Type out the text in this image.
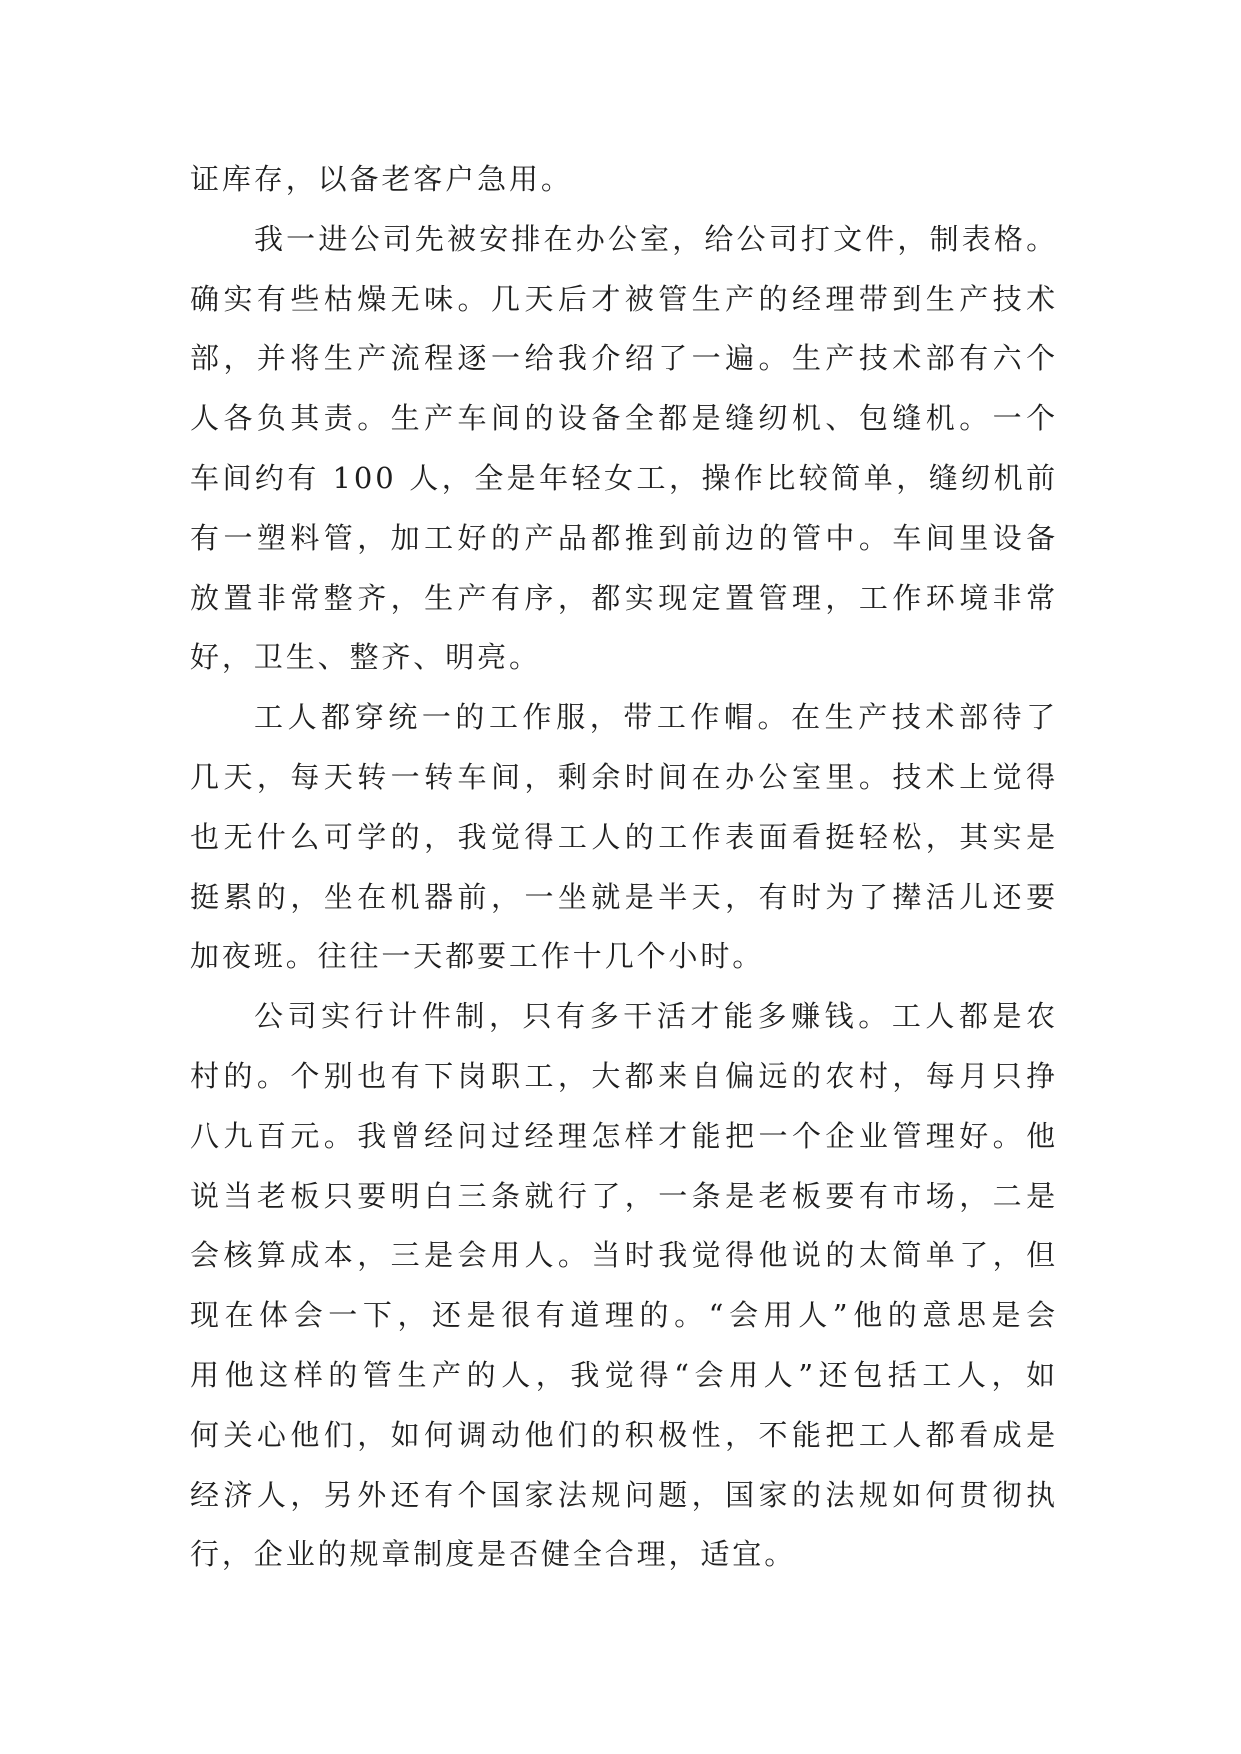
证库存，以备老客户急用。
我一进公司先被安排在办公室，给公司打文件，制表格。
确实有些枯燥无味。几天后才被管生产的经理带到生产技术
部，并将生产流程逐一给我介绍了一遍。生产技术部有六个
人各负其责。生产车间的设备全都是缝纫机、包缝机。一个
车间约有 100 人，全是年轻女工，操作比较简单，缝纫机前
有一塑料管，加工好的产品都推到前边的管中。车间里设备
放置非常整齐，生产有序，都实现定置管理，工作环境非常
好，卫生、整齐、明亮。
工人都穿统一的工作服，带工作帽。在生产技术部待了
几天，每天转一转车间，剩余时间在办公室里。技术上觉得
也无什么可学的，我觉得工人的工作表面看挺轻松，其实是
挺累的，坐在机器前，一坐就是半天，有时为了撵活儿还要
加夜班。往往一天都要工作十几个小时。
公司实行计件制，只有多干活才能多赚钱。工人都是农
村的。个别也有下岗职工，大都来自偏远的农村，每月只挣
八九百元。我曾经问过经理怎样才能把一个企业管理好。他
说当老板只要明白三条就行了，一条是老板要有市场，二是
会核算成本，三是会用人。当时我觉得他说的太简单了，但
现在体会一下，还是很有道理的。“会用人”他的意思是会
用他这样的管生产的人，我觉得“会用人”还包括工人，如
何关心他们，如何调动他们的积极性，不能把工人都看成是
经济人，另外还有个国家法规问题，国家的法规如何贯彻执
行，企业的规章制度是否健全合理，适宜。
